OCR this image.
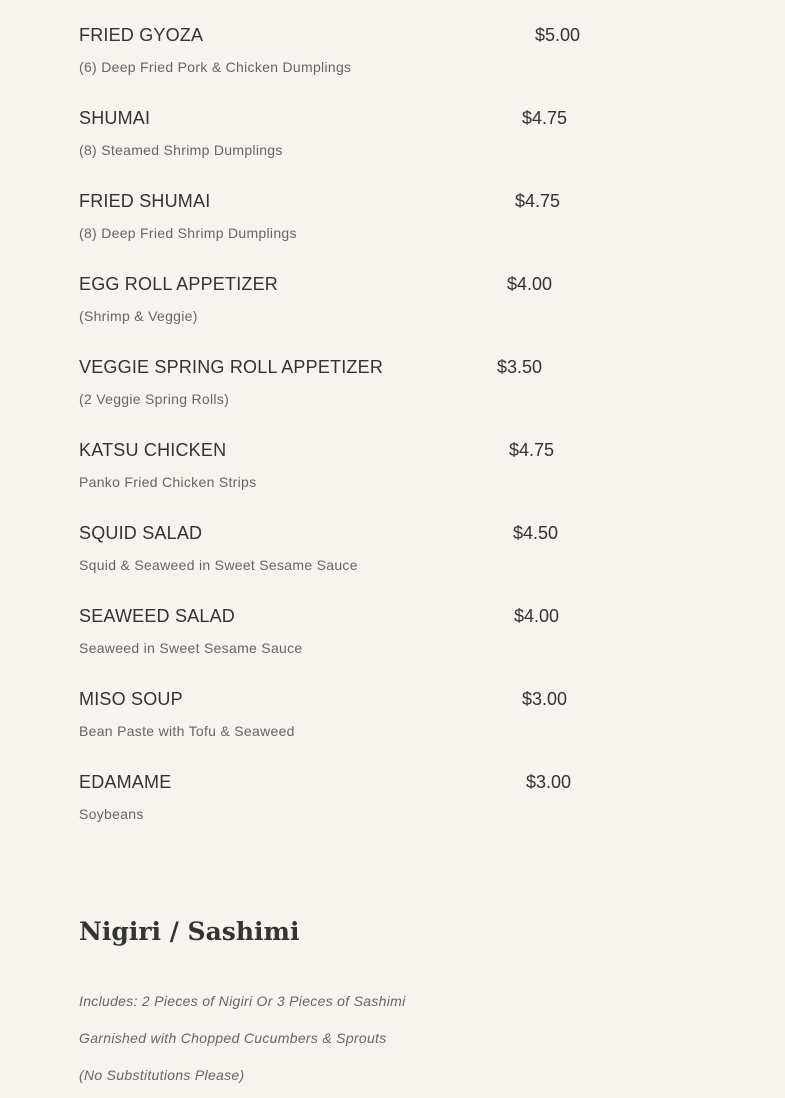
FRIED GYOZA	$5.00
(6) Deep Fried Pork & Chicken Dumplings
SHUMAI	$4.75
(8) Steamed Shrimp Dumplings
FRIED SHUMAI	$4.75
(8) Deep Fried Shrimp Dumplings
EGG ROLL APPETIZER	$4.00
(Shrimp & Veggie)
VEGGIE SPRING ROLL APPETIZER	$3.50
(2 Veggie Spring Rolls)
KATSU CHICKEN	$4.75
Panko Fried Chicken Strips
SQUID SALAD	$4.50
Squid & Seaweed in Sweet Sesame Sauce
SEAWEED SALAD	$4.00
Seaweed in Sweet Sesame Sauce
MISO SOUP	$3.00
Bean Paste with Tofu & Seaweed
EDAMAME	$3.00
Soybeans
Nigiri / Sashimi

Includes: 2 Pieces of Nigiri Or 3 Pieces of Sashimi

Garnished with Chopped Cucumbers & Sprouts

(No Substitutions Please)
